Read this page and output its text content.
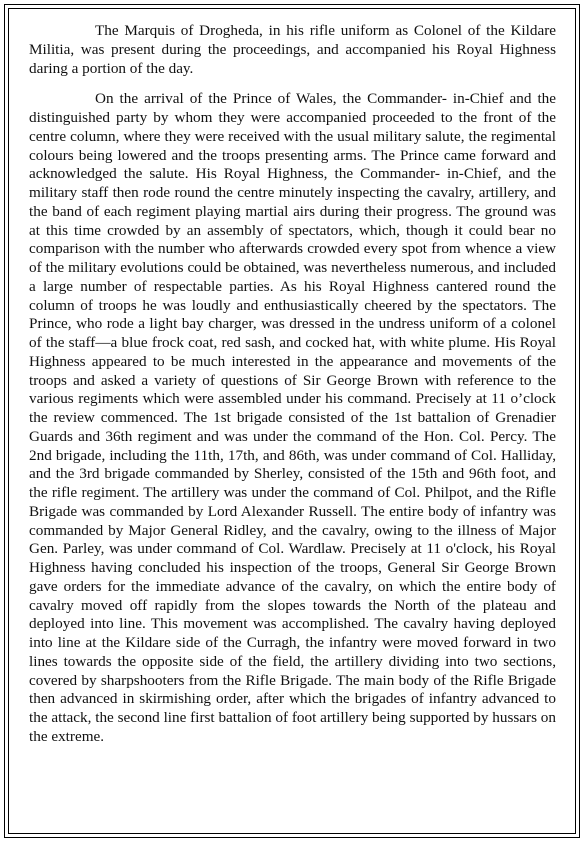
The Marquis of Drogheda, in his rifle uniform as Colonel of the Kildare Militia, was present during the proceedings, and accompanied his Royal Highness daring a portion of the day.

On the arrival of the Prince of Wales, the Commander- in-Chief and the distinguished party by whom they were accompanied proceeded to the front of the centre column, where they were received with the usual military salute, the regimental colours being lowered and the troops presenting arms. The Prince came forward and acknowledged the salute. His Royal Highness, the Commander- in-Chief, and the military staff then rode round the centre minutely inspecting the cavalry, artillery, and the band of each regiment playing martial airs during their progress. The ground was at this time crowded by an assembly of spectators, which, though it could bear no comparison with the number who afterwards crowded every spot from whence a view of the military evolutions could be obtained, was nevertheless numerous, and included a large number of respectable parties. As his Royal Highness cantered round the column of troops he was loudly and enthusiastically cheered by the spectators. The Prince, who rode a light bay charger, was dressed in the undress uniform of a colonel of the staff—a blue frock coat, red sash, and cocked hat, with white plume. His Royal Highness appeared to be much interested in the appearance and movements of the troops and asked a variety of questions of Sir George Brown with reference to the various regiments which were assembled under his command. Precisely at 11 o’clock the review commenced. The 1st brigade consisted of the 1st battalion of Grenadier Guards and 36th regiment and was under the command of the Hon. Col. Percy. The 2nd brigade, including the 11th, 17th, and 86th, was under command of Col. Halliday, and the 3rd brigade commanded by Sherley, consisted of the 15th and 96th foot, and the rifle regiment. The artillery was under the command of Col. Philpot, and the Rifle Brigade was commanded by Lord Alexander Russell. The entire body of infantry was commanded by Major General Ridley, and the cavalry, owing to the illness of Major Gen. Parley, was under command of Col. Wardlaw. Precisely at 11 o'clock, his Royal Highness having concluded his inspection of the troops, General Sir George Brown gave orders for the immediate advance of the cavalry, on which the entire body of cavalry moved off rapidly from the slopes towards the North of the plateau and deployed into line. This movement was accomplished. The cavalry having deployed into line at the Kildare side of the Curragh, the infantry were moved forward in two lines towards the opposite side of the field, the artillery dividing into two sections, covered by sharpshooters from the Rifle Brigade. The main body of the Rifle Brigade then advanced in skirmishing order, after which the brigades of infantry advanced to the attack, the second line first battalion of foot artillery being supported by hussars on the extreme.
